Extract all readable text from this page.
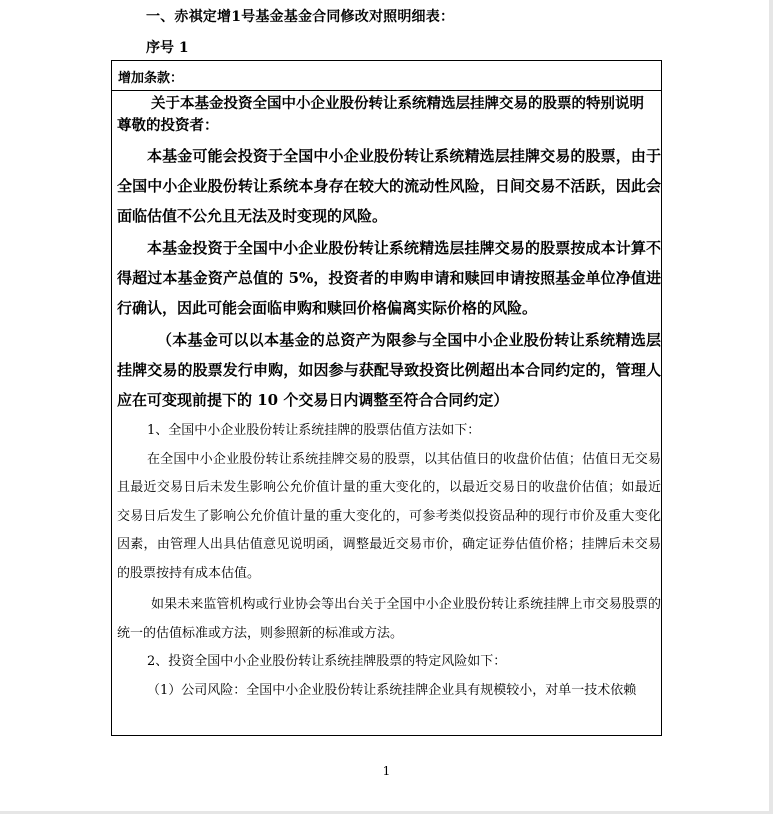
一、赤祺定增1号基金基金合同修改对照明细表：
序号 1
增加条款：

关于本基金投资全国中小企业股份转让系统精选层挂牌交易的股票的特别说明

尊敬的投资者：

本基金可能会投资于全国中小企业股份转让系统精选层挂牌交易的股票，由于全国中小企业股份转让系统本身存在较大的流动性风险，日间交易不活跃，因此会面临估值不公允且无法及时变现的风险。

本基金投资于全国中小企业股份转让系统精选层挂牌交易的股票按成本计算不得超过本基金资产总值的 5%，投资者的申购申请和赎回申请按照基金单位净值进行确认，因此可能会面临申购和赎回价格偏离实际价格的风险。

（本基金可以以本基金的总资产为限参与全国中小企业股份转让系统精选层挂牌交易的股票发行申购，如因参与获配导致投资比例超出本合同约定的，管理人应在可变现前提下的 10 个交易日内调整至符合合同约定）

1、全国中小企业股份转让系统挂牌的股票估值方法如下：

在全国中小企业股份转让系统挂牌交易的股票，以其估值日的收盘价估值；估值日无交易且最近交易日后未发生影响公允价值计量的重大变化的，以最近交易日的收盘价估值；如最近交易日后发生了影响公允价值计量的重大变化的，可参考类似投资品种的现行市价及重大变化因素，由管理人出具估值意见说明函，调整最近交易市价，确定证券估值价格；挂牌后未交易的股票按持有成本估值。

如果未来监管机构或行业协会等出台关于全国中小企业股份转让系统挂牌上市交易股票的统一的估值标准或方法，则参照新的标准或方法。

2、投资全国中小企业股份转让系统挂牌股票的特定风险如下：

（1）公司风险：全国中小企业股份转让系统挂牌企业具有规模较小，对单一技术依赖

1
